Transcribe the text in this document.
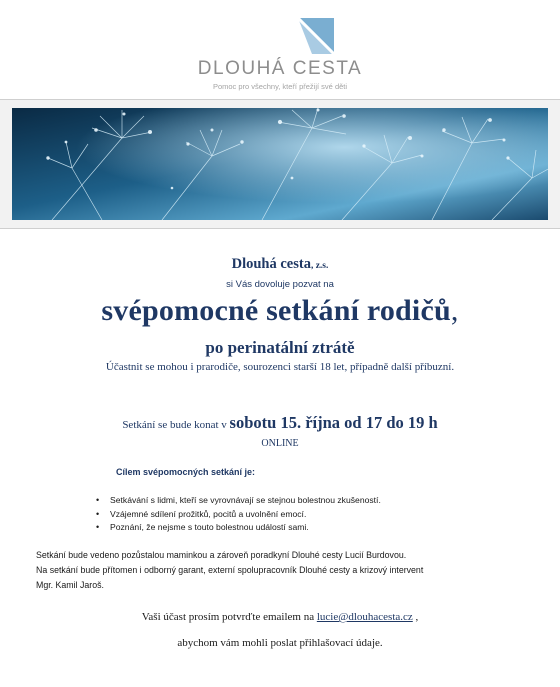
DLOUHÁ CESTA
Pomoc pro všechny, kteří přežijí své děti
Dlouhá cesta, z.s.
si Vás dovoluje pozvat na
svépomocné setkání rodičů,
po perinatální ztrátě
Účastnit se mohou i prarodiče, sourozenci starší 18 let, případně další příbuzní.
Setkání se bude konat v sobotu 15. října od 17 do 19 h
ONLINE
Cílem svépomocných setkání je:
• Setkávání s lidmi, kteří se vyrovnávají se stejnou bolestnou zkušeností.
• Vzájemné sdílení prožitků, pocitů a uvolnění emocí.
• Poznání, že nejsme s touto bolestnou událostí sami.
Setkání bude vedeno pozůstalou maminkou a zároveň poradkyní Dlouhé cesty Lucií Burdovou.
Na setkání bude přítomen i odborný garant, externí spolupracovník Dlouhé cesty a krizový intervent
Mgr. Kamil Jaroš.
Vaši účast prosím potvrďte emailem na lucie@dlouhacesta.cz ,
abychom vám mohli poslat přihlašovací údaje.
